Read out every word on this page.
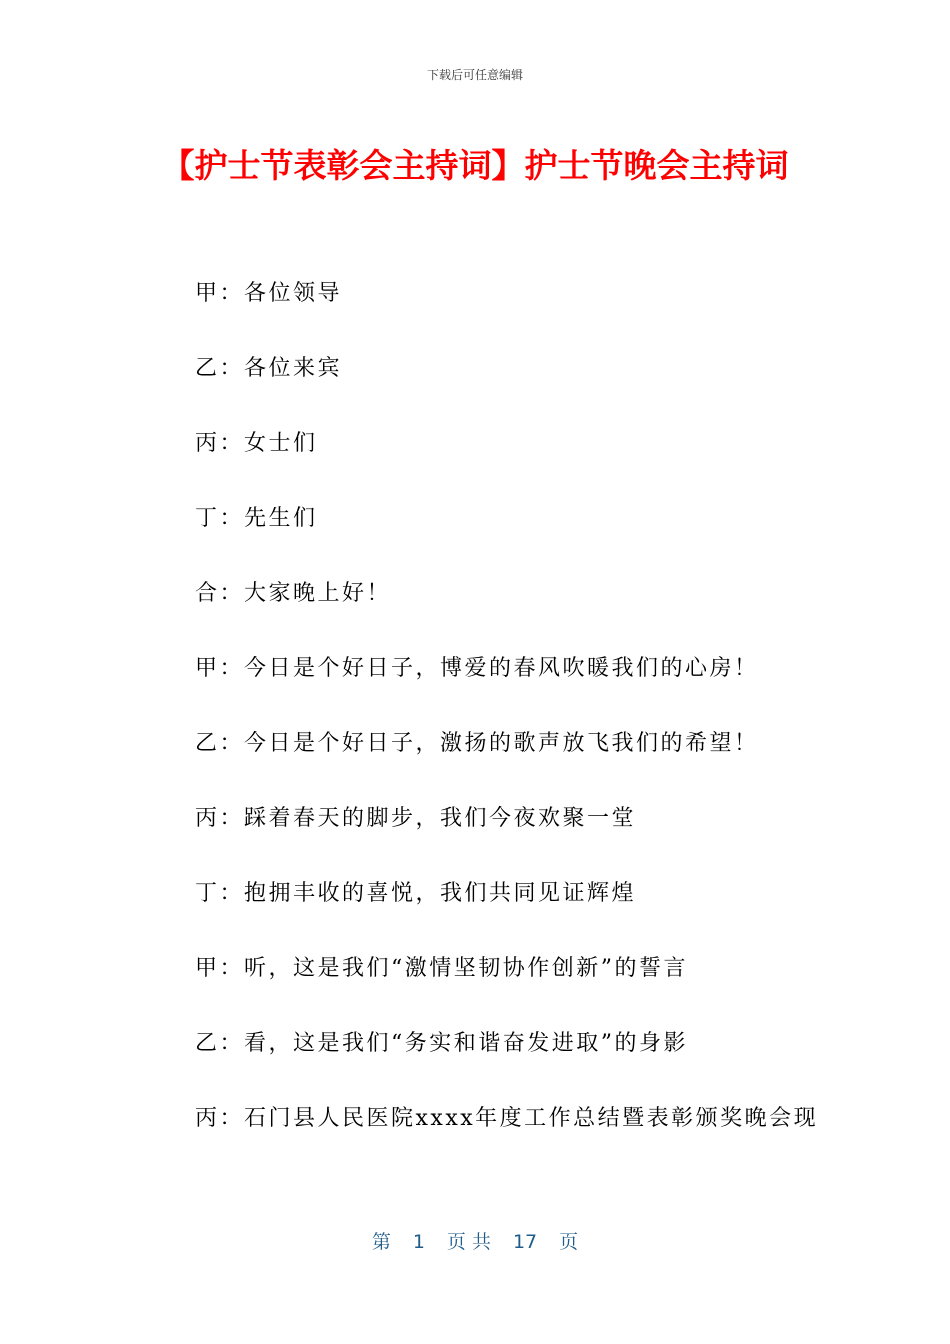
下载后可任意编辑
【护士节表彰会主持词】护士节晚会主持词
甲：各位领导
乙：各位来宾
丙：女士们
丁：先生们
合：大家晚上好！
甲：今日是个好日子，博爱的春风吹暖我们的心房！
乙：今日是个好日子，激扬的歌声放飞我们的希望！
丙：踩着春天的脚步，我们今夜欢聚一堂
丁：抱拥丰收的喜悦，我们共同见证辉煌
甲：听，这是我们“激情坚韧协作创新”的誓言
乙：看，这是我们“务实和谐奋发进取”的身影
丙：石门县人民医院xxxx年度工作总结暨表彰颁奖晚会现
第 1 页 共 17 页
